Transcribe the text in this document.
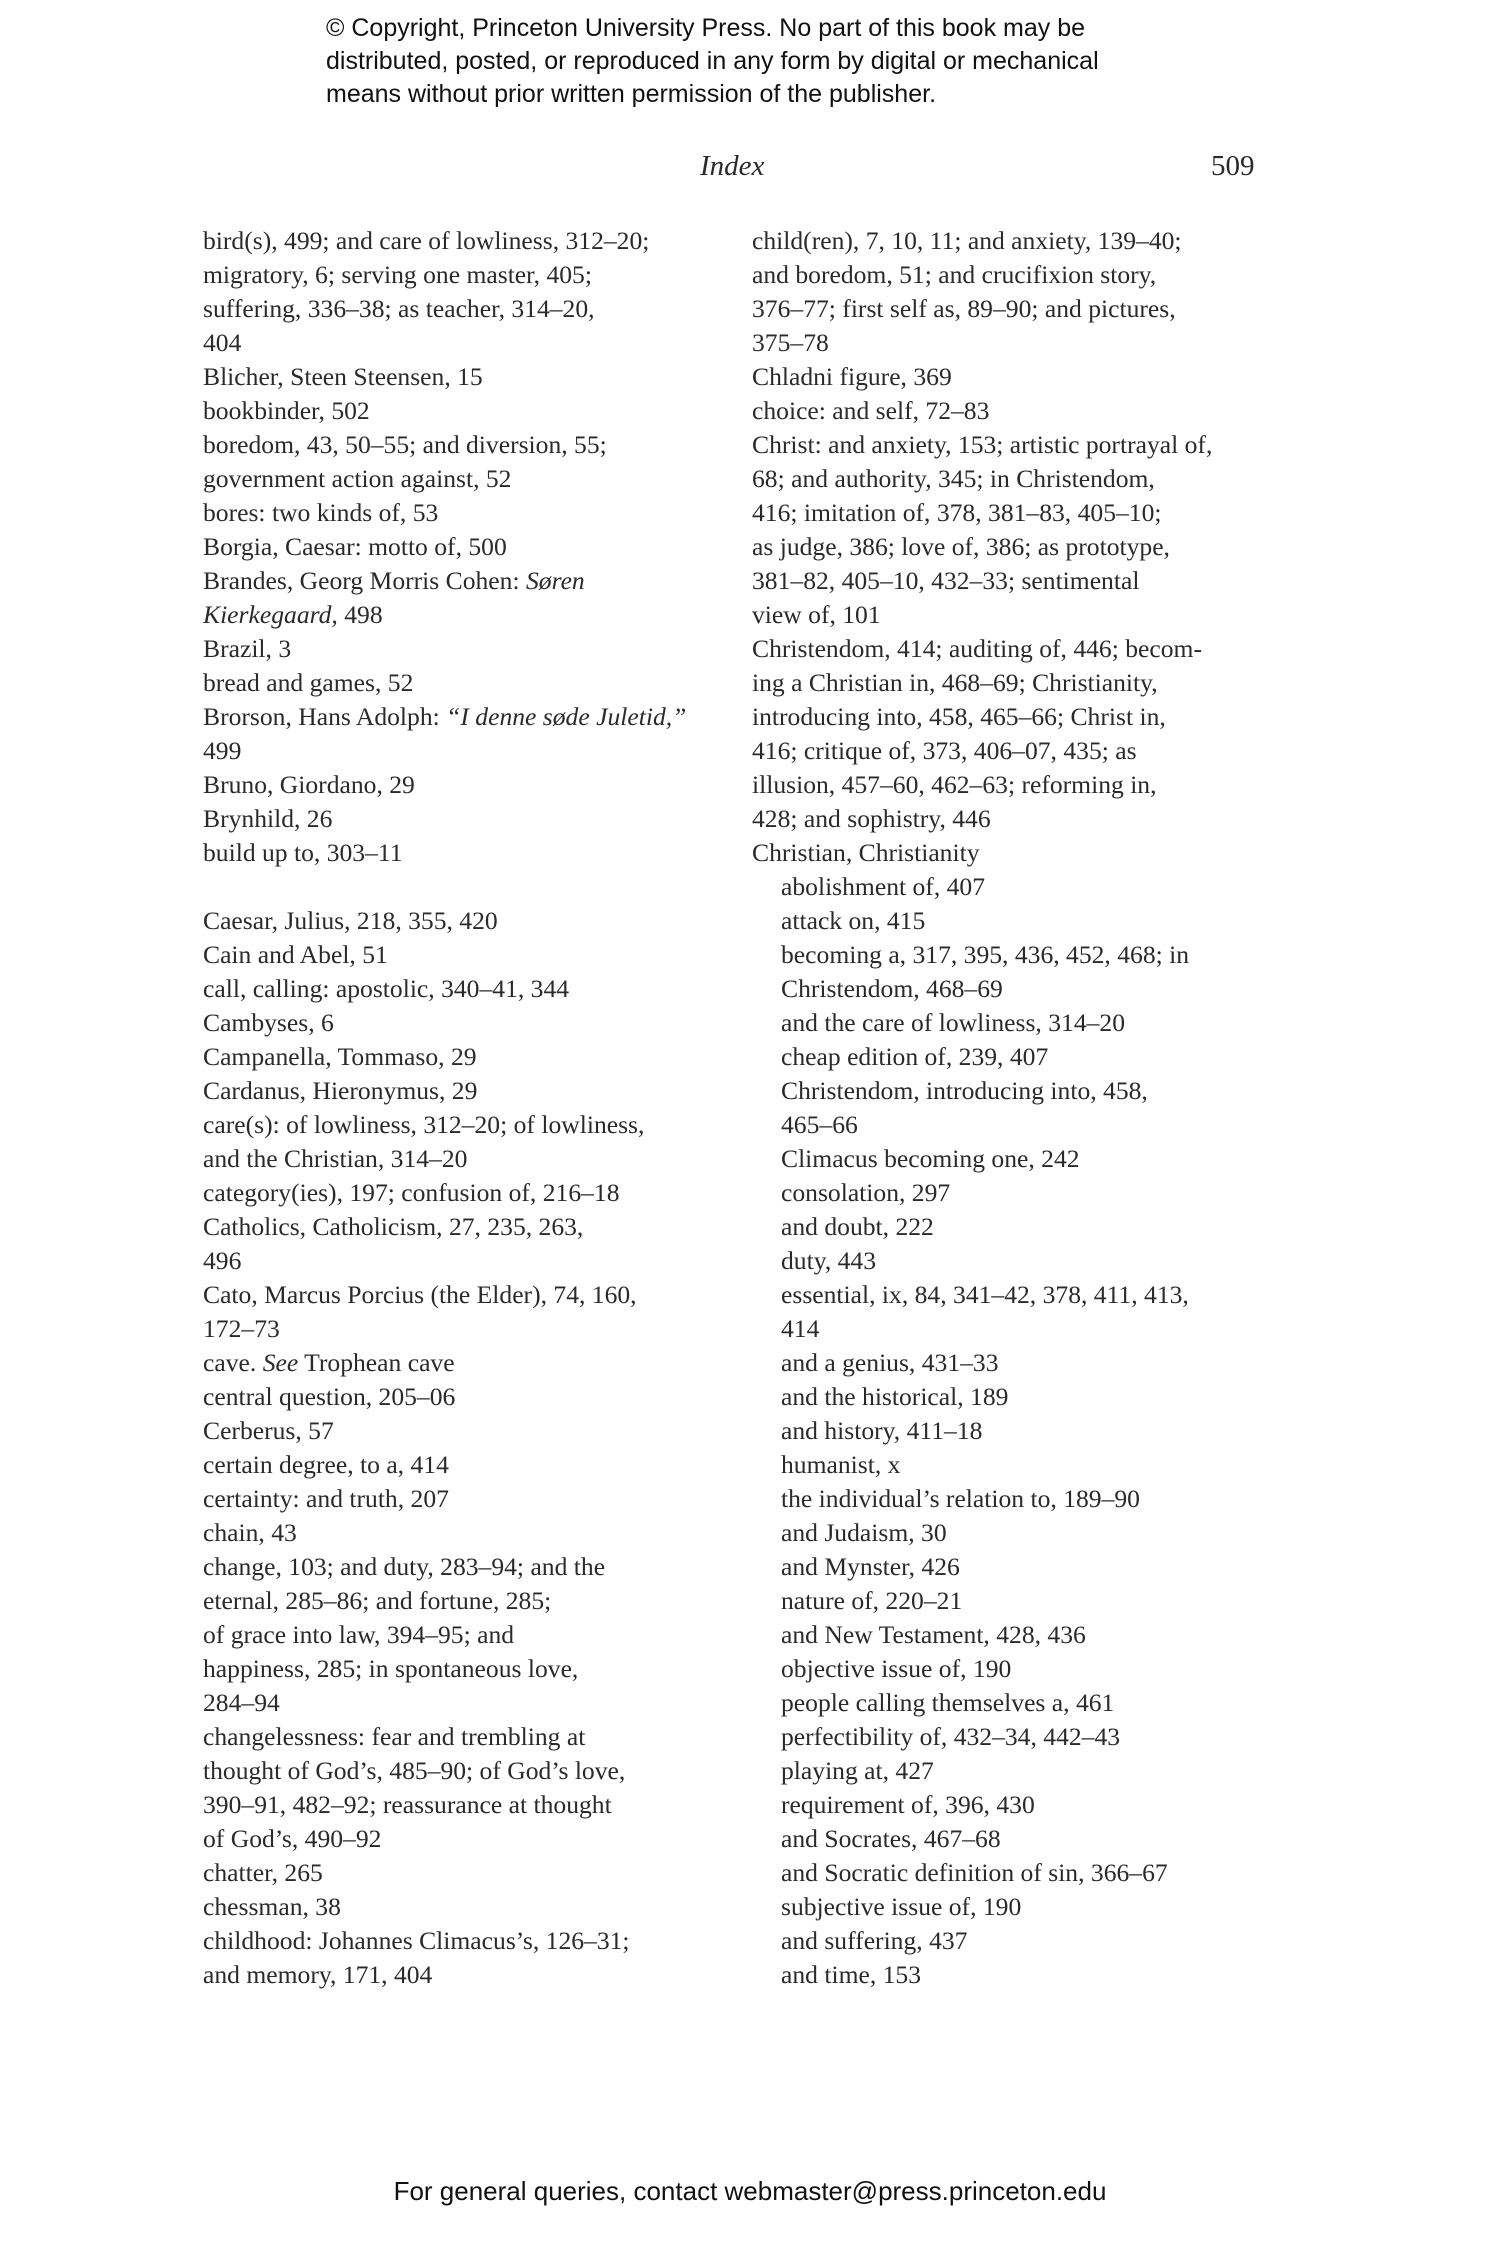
© Copyright, Princeton University Press. No part of this book may be
distributed, posted, or reproduced in any form by digital or mechanical
means without prior written permission of the publisher.
Index	509
bird(s), 499; and care of lowliness, 312–20;
migratory, 6; serving one master, 405;
suffering, 336–38; as teacher, 314–20,
404
Blicher, Steen Steensen, 15
bookbinder, 502
boredom, 43, 50–55; and diversion, 55;
government action against, 52
bores: two kinds of, 53
Borgia, Caesar: motto of, 500
Brandes, Georg Morris Cohen: Søren
Kierkegaard, 498
Brazil, 3
bread and games, 52
Brorson, Hans Adolph: “I denne søde Juletid,”
499
Bruno, Giordano, 29
Brynhild, 26
build up to, 303–11
Caesar, Julius, 218, 355, 420
Cain and Abel, 51
call, calling: apostolic, 340–41, 344
Cambyses, 6
Campanella, Tommaso, 29
Cardanus, Hieronymus, 29
care(s): of lowliness, 312–20; of lowliness,
and the Christian, 314–20
category(ies), 197; confusion of, 216–18
Catholics, Catholicism, 27, 235, 263,
496
Cato, Marcus Porcius (the Elder), 74, 160,
172–73
cave. See Trophean cave
central question, 205–06
Cerberus, 57
certain degree, to a, 414
certainty: and truth, 207
chain, 43
change, 103; and duty, 283–94; and the
eternal, 285–86; and fortune, 285;
of grace into law, 394–95; and
happiness, 285; in spontaneous love,
284–94
changelessness: fear and trembling at
thought of God’s, 485–90; of God’s love,
390–91, 482–92; reassurance at thought
of God’s, 490–92
chatter, 265
chessman, 38
childhood: Johannes Climacus’s, 126–31;
and memory, 171, 404
child(ren), 7, 10, 11; and anxiety, 139–40;
and boredom, 51; and crucifixion story,
376–77; first self as, 89–90; and pictures,
375–78
Chladni figure, 369
choice: and self, 72–83
Christ: and anxiety, 153; artistic portrayal of,
68; and authority, 345; in Christendom,
416; imitation of, 378, 381–83, 405–10;
as judge, 386; love of, 386; as prototype,
381–82, 405–10, 432–33; sentimental
view of, 101
Christendom, 414; auditing of, 446; becom-
ing a Christian in, 468–69; Christianity,
introducing into, 458, 465–66; Christ in,
416; critique of, 373, 406–07, 435; as
illusion, 457–60, 462–63; reforming in,
428; and sophistry, 446
Christian, Christianity
abolishment of, 407
attack on, 415
becoming a, 317, 395, 436, 452, 468; in
Christendom, 468–69
and the care of lowliness, 314–20
cheap edition of, 239, 407
Christendom, introducing into, 458,
465–66
Climacus becoming one, 242
consolation, 297
and doubt, 222
duty, 443
essential, ix, 84, 341–42, 378, 411, 413,
414
and a genius, 431–33
and the historical, 189
and history, 411–18
humanist, x
the individual’s relation to, 189–90
and Judaism, 30
and Mynster, 426
nature of, 220–21
and New Testament, 428, 436
objective issue of, 190
people calling themselves a, 461
perfectibility of, 432–34, 442–43
playing at, 427
requirement of, 396, 430
and Socrates, 467–68
and Socratic definition of sin, 366–67
subjective issue of, 190
and suffering, 437
and time, 153
For general queries, contact webmaster@press.princeton.edu
